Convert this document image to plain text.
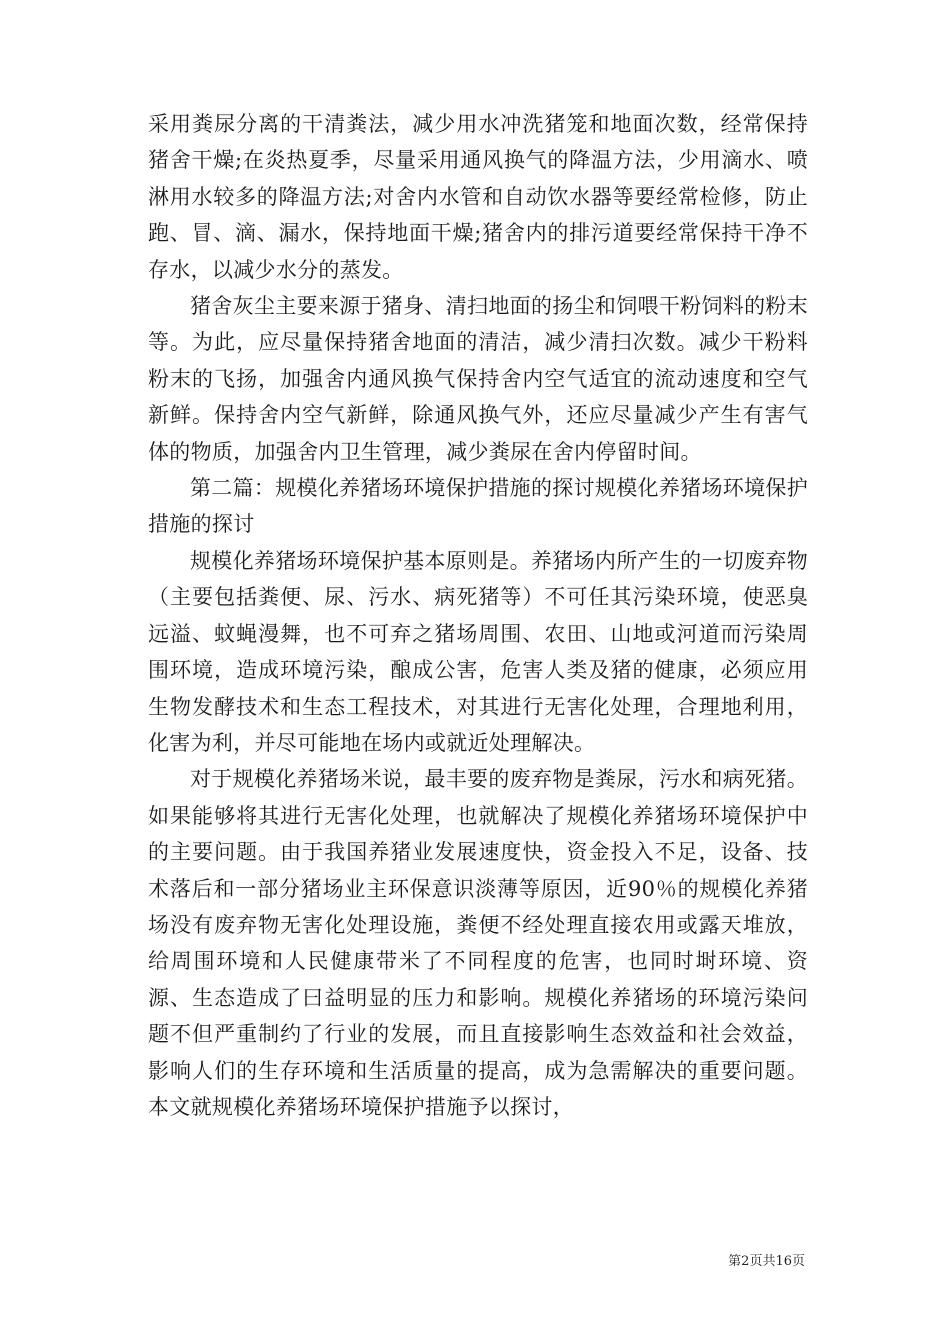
采用粪尿分离的干清粪法，减少用水冲洗猪笼和地面次数，经常保持猪舍干燥;在炎热夏季，尽量采用通风换气的降温方法，少用滴水、喷淋用水较多的降温方法;对舍内水管和自动饮水器等要经常检修，防止跑、冒、滴、漏水，保持地面干燥;猪舍内的排污道要经常保持干净不存水，以减少水分的蒸发。

猪舍灰尘主要来源于猪身、清扫地面的扬尘和饲喂干粉饲料的粉末等。为此，应尽量保持猪舍地面的清洁，减少清扫次数。减少干粉料粉末的飞扬，加强舍内通风换气保持舍内空气适宜的流动速度和空气新鲜。保持舍内空气新鲜，除通风换气外，还应尽量减少产生有害气体的物质，加强舍内卫生管理，减少粪尿在舍内停留时间。

第二篇：规模化养猪场环境保护措施的探讨规模化养猪场环境保护措施的探讨

规模化养猪场环境保护基本原则是。养猪场内所产生的一切废弃物（主要包括粪便、尿、污水、病死猪等）不可任其污染环境，使恶臭远溢、蚊蝇漫舞，也不可弃之猪场周围、农田、山地或河道而污染周围环境，造成环境污染，酿成公害，危害人类及猪的健康，必须应用生物发酵技术和生态工程技术，对其进行无害化处理，合理地利用，化害为利，并尽可能地在场内或就近处理解决。

对于规模化养猪场米说，最丰要的废弃物是粪尿，污水和病死猪。如果能够将其进行无害化处理，也就解决了规模化养猪场环境保护中的主要问题。由于我国养猪业发展速度快，资金投入不足，设备、技术落后和一部分猪场业主环保意识淡薄等原因，近90％的规模化养猪场没有废弃物无害化处理设施，粪便不经处理直接农用或露天堆放，给周围环境和人民健康带米了不同程度的危害，也同时埘环境、资源、生态造成了曰益明显的压力和影响。规模化养猪场的环境污染问题不但严重制约了行业的发展，而且直接影响生态效益和社会效益，影响人们的生存环境和生活质量的提高，成为急需解决的重要问题。本文就规模化养猪场环境保护措施予以探讨，

第2页共16页
